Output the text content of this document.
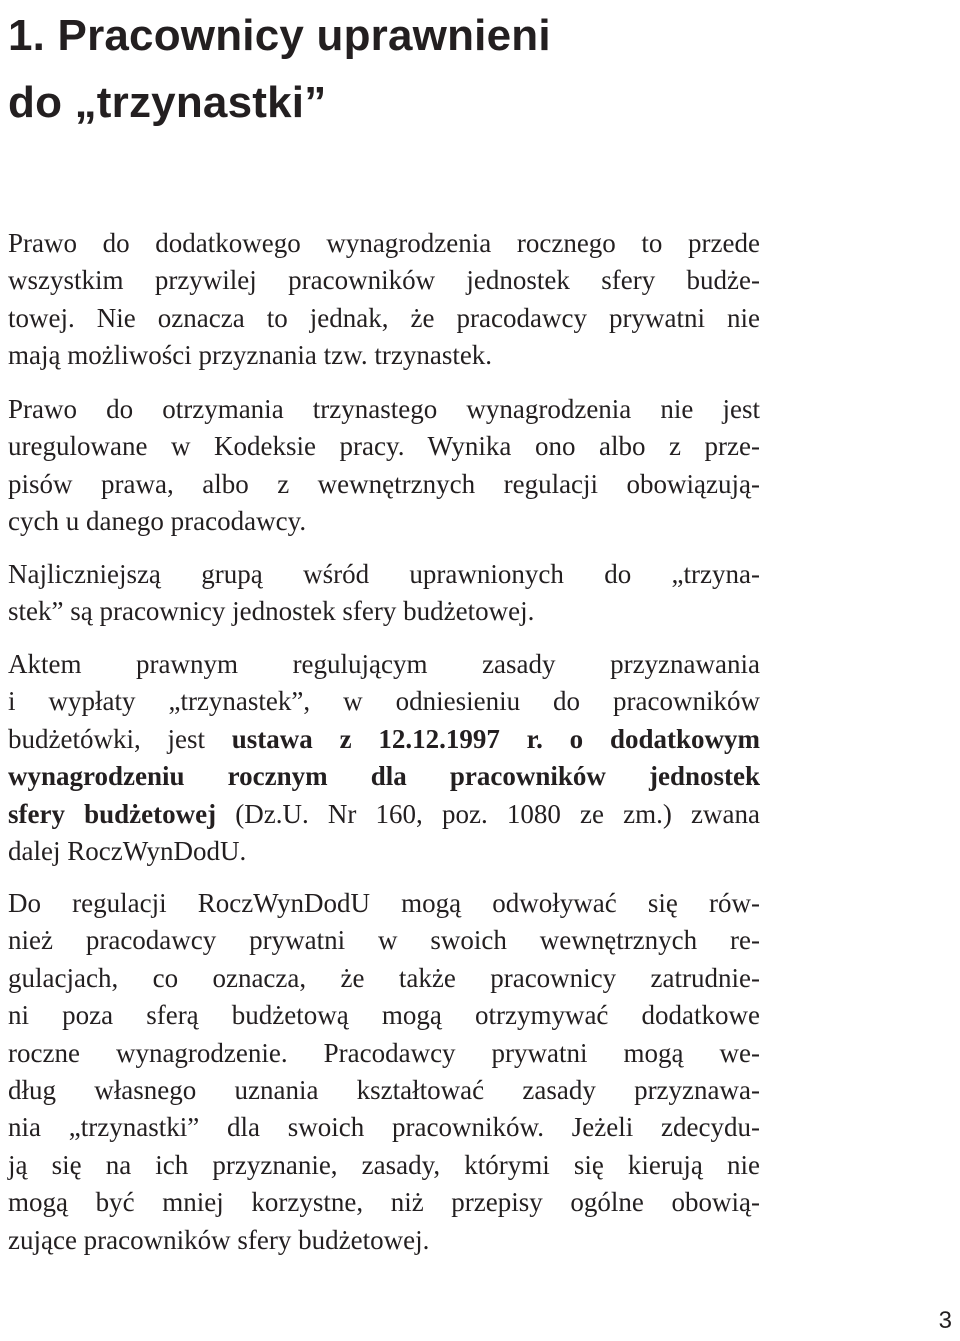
1. Pracownicy uprawnieni
do „trzynastki”
Prawo do dodatkowego wynagrodzenia rocznego to przede
wszystkim przywilej pracowników jednostek sfery budże-
towej. Nie oznacza to jednak, że pracodawcy prywatni nie
mają możliwości przyznania tzw. trzynastek.
Prawo do otrzymania trzynastego wynagrodzenia nie jest
uregulowane w Kodeksie pracy. Wynika ono albo z prze-
pisów prawa, albo z wewnętrznych regulacji obowiązują-
cych u danego pracodawcy.
Najliczniejszą grupą wśród uprawnionych do „trzyna-
stek” są pracownicy jednostek sfery budżetowej.
Aktem prawnym regulującym zasady przyznawania
i wypłaty „trzynastek”, w odniesieniu do pracowników
budżetówki, jest ustawa z 12.12.1997 r. o dodatkowym
wynagrodzeniu rocznym dla pracowników jednostek
sfery budżetowej (Dz.U. Nr 160, poz. 1080 ze zm.) zwana
dalej RoczWynDodU.
Do regulacji RoczWynDodU mogą odwoływać się rów-
nież pracodawcy prywatni w swoich wewnętrznych re-
gulacjach, co oznacza, że także pracownicy zatrudnie-
ni poza sferą budżetową mogą otrzymywać dodatkowe
roczne wynagrodzenie. Pracodawcy prywatni mogą we-
dług własnego uznania kształtować zasady przyznawa-
nia „trzynastki” dla swoich pracowników. Jeżeli zdecydu-
ją się na ich przyznanie, zasady, którymi się kierują nie
mogą być mniej korzystne, niż przepisy ogólne obowią-
zujące pracowników sfery budżetowej.
3
